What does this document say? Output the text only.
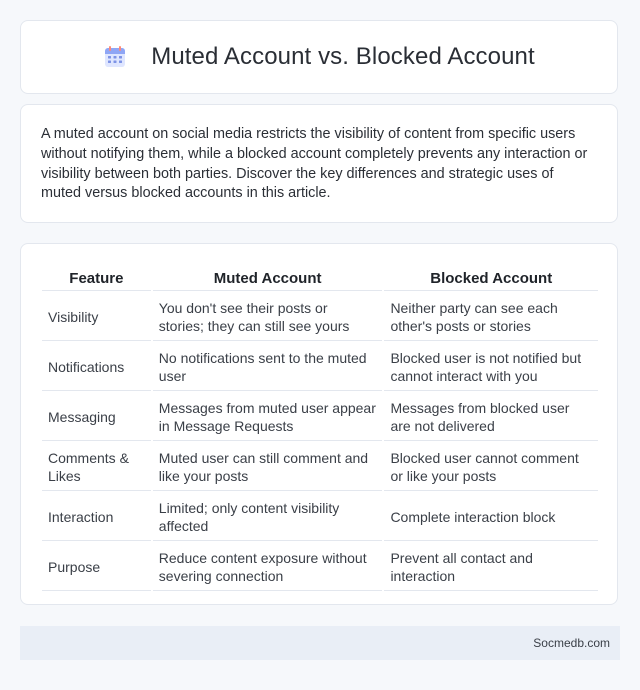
Muted Account vs. Blocked Account

A muted account on social media restricts the visibility of content from specific users without notifying them, while a blocked account completely prevents any interaction or visibility between both parties. Discover the key differences and strategic uses of muted versus blocked accounts in this article.

Feature	Muted Account	Blocked Account
Visibility	You don't see their posts or stories; they can still see yours	Neither party can see each other's posts or stories
Notifications	No notifications sent to the muted user	Blocked user is not notified but cannot interact with you
Messaging	Messages from muted user appear in Message Requests	Messages from blocked user are not delivered
Comments & Likes	Muted user can still comment and like your posts	Blocked user cannot comment or like your posts
Interaction	Limited; only content visibility affected	Complete interaction block
Purpose	Reduce content exposure without severing connection	Prevent all contact and interaction
Socmedb.com
